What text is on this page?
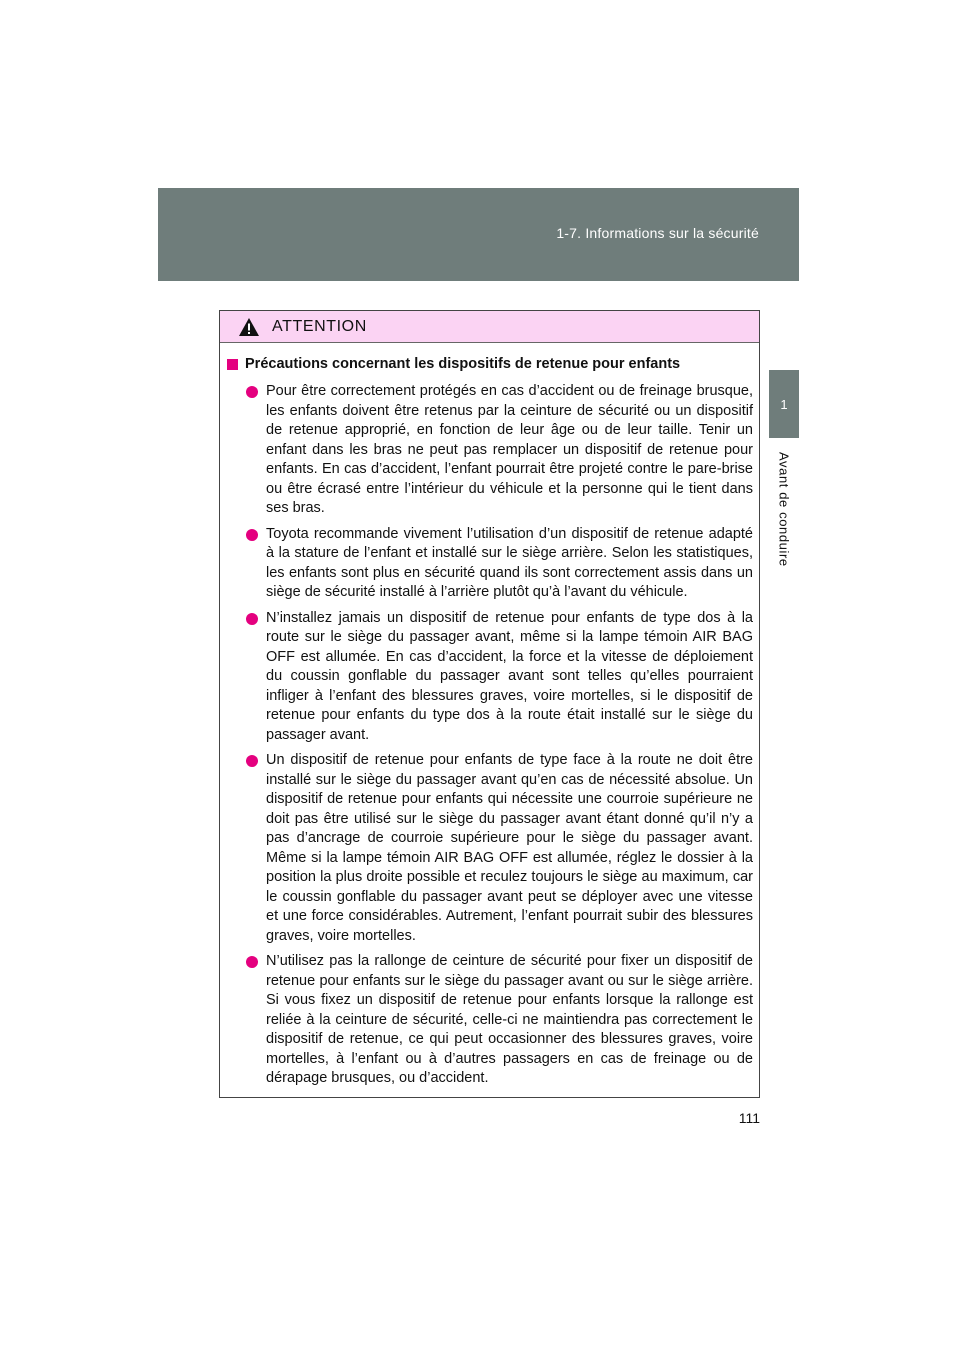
1-7. Informations sur la sécurité
1
Avant de conduire
ATTENTION
Précautions concernant les dispositifs de retenue pour enfants
Pour être correctement protégés en cas d’accident ou de freinage brusque, les enfants doivent être retenus par la ceinture de sécurité ou un dispositif de retenue approprié, en fonction de leur âge ou de leur taille. Tenir un enfant dans les bras ne peut pas remplacer un dispositif de retenue pour enfants. En cas d’accident, l’enfant pourrait être projeté contre le pare-brise ou être écrasé entre l’intérieur du véhicule et la personne qui le tient dans ses bras.
Toyota recommande vivement l’utilisation d’un dispositif de retenue adapté à la stature de l’enfant et installé sur le siège arrière. Selon les statistiques, les enfants sont plus en sécurité quand ils sont correctement assis dans un siège de sécurité installé à l’arrière plutôt qu’à l’avant du véhicule.
N’installez jamais un dispositif de retenue pour enfants de type dos à la route sur le siège du passager avant, même si la lampe témoin AIR BAG OFF est allumée. En cas d’accident, la force et la vitesse de déploiement du coussin gonflable du passager avant sont telles qu’elles pourraient infliger à l’enfant des blessures graves, voire mortelles, si le dispositif de retenue pour enfants du type dos à la route était installé sur le siège du passager avant.
Un dispositif de retenue pour enfants de type face à la route ne doit être installé sur le siège du passager avant qu’en cas de nécessité absolue. Un dispositif de retenue pour enfants qui nécessite une courroie supérieure ne doit pas être utilisé sur le siège du passager avant étant donné qu’il n’y a pas d’ancrage de courroie supérieure pour le siège du passager avant. Même si la lampe témoin AIR BAG OFF est allumée, réglez le dossier à la position la plus droite possible et reculez toujours le siège au maximum, car le coussin gonflable du passager avant peut se déployer avec une vitesse et une force considérables. Autrement, l’enfant pourrait subir des blessures graves, voire mortelles.
N’utilisez pas la rallonge de ceinture de sécurité pour fixer un dispositif de retenue pour enfants sur le siège du passager avant ou sur le siège arrière. Si vous fixez un dispositif de retenue pour enfants lorsque la rallonge est reliée à la ceinture de sécurité, celle-ci ne maintiendra pas correctement le dispositif de retenue, ce qui peut occasionner des blessures graves, voire mortelles, à l’enfant ou à d’autres passagers en cas de freinage ou de dérapage brusques, ou d’accident.
111
